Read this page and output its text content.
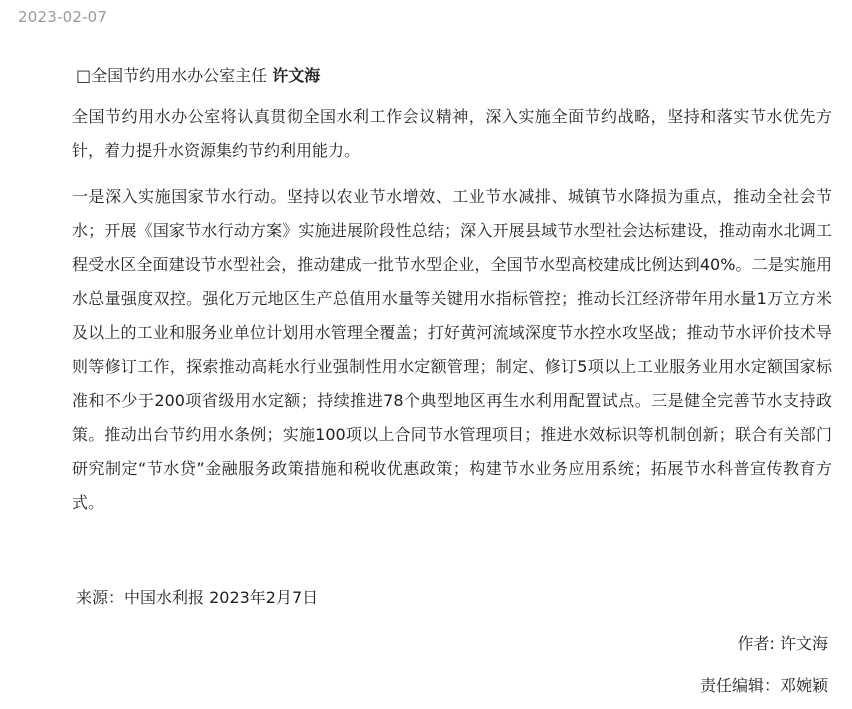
2023-02-07
□全国节约用水办公室主任 许文海

全国节约用水办公室将认真贯彻全国水利工作会议精神，深入实施全面节约战略，坚持和落实节水优先方针，着力提升水资源集约节约利用能力。

一是深入实施国家节水行动。坚持以农业节水增效、工业节水减排、城镇节水降损为重点，推动全社会节水；开展《国家节水行动方案》实施进展阶段性总结；深入开展县域节水型社会达标建设，推动南水北调工程受水区全面建设节水型社会，推动建成一批节水型企业，全国节水型高校建成比例达到40%。二是实施用水总量强度双控。强化万元地区生产总值用水量等关键用水指标管控；推动长江经济带年用水量1万立方米及以上的工业和服务业单位计划用水管理全覆盖；打好黄河流域深度节水控水攻坚战；推动节水评价技术导则等修订工作，探索推动高耗水行业强制性用水定额管理；制定、修订5项以上工业服务业用水定额国家标准和不少于200项省级用水定额；持续推进78个典型地区再生水利用配置试点。三是健全完善节水支持政策。推动出台节约用水条例；实施100项以上合同节水管理项目；推进水效标识等机制创新；联合有关部门研究制定“节水贷”金融服务政策措施和税收优惠政策；构建节水业务应用系统；拓展节水科普宣传教育方式。

来源：中国水利报 2023年2月7日
作者: 许文海
责任编辑：邓婉颖
